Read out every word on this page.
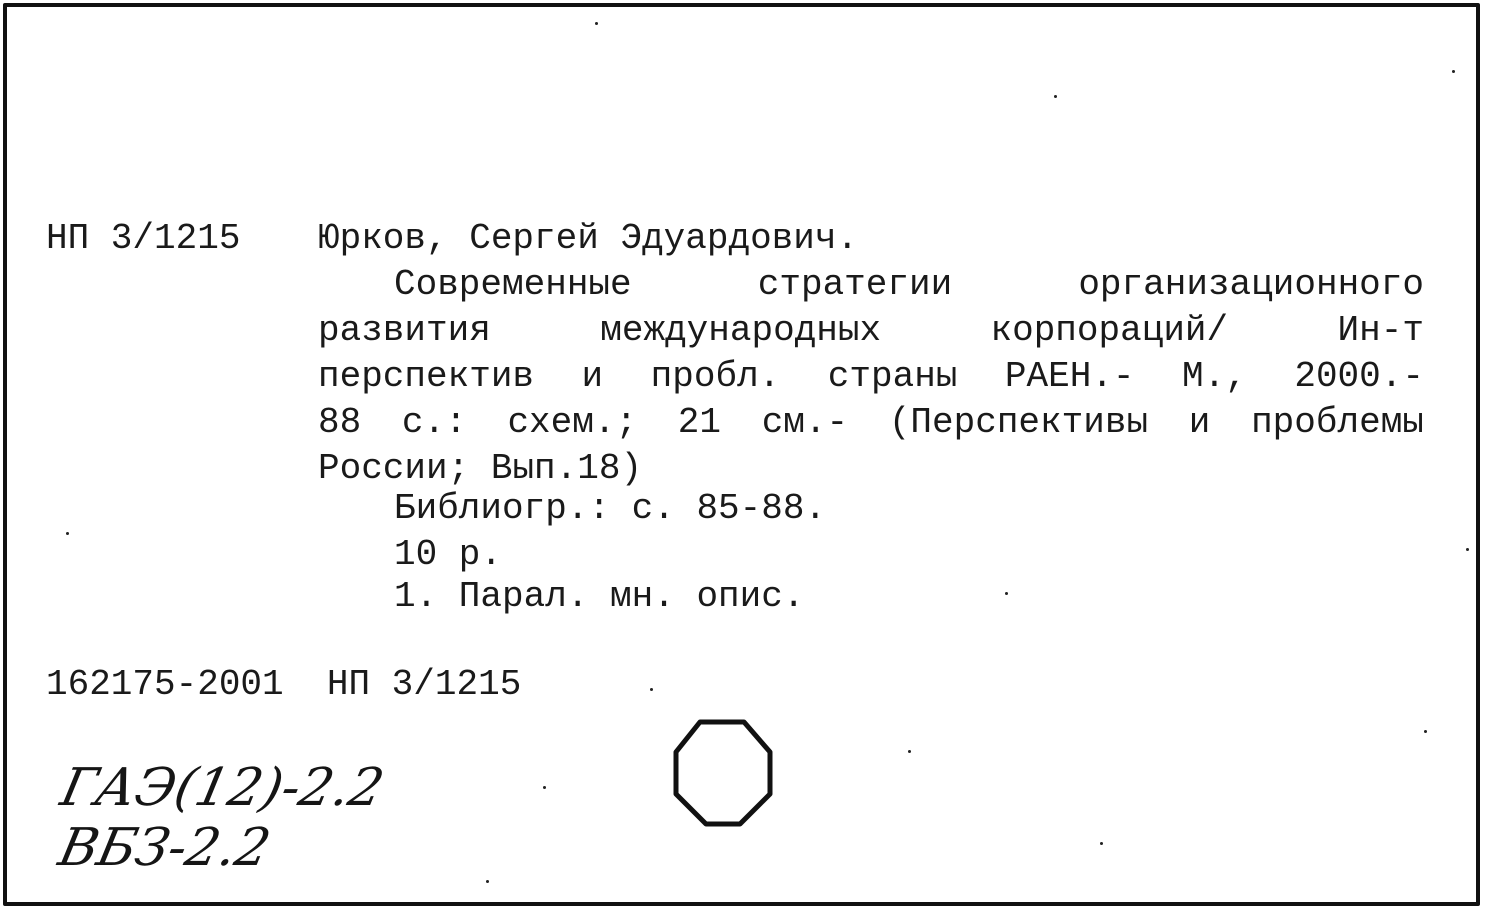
НП 3/1215 Юрков, Сергей Эдуардович.
Современные	стратегии	организационного
развития	международных	корпораций/	Ин-т
перспектив и пробл. страны РАЕН.- М., 2000.-
88 с.: схем.; 21 см.- (Перспективы и проблемы
России;
Вып.18)
Библиогр.: с. 85-88.
10 р.
1. Парал. мн. опис.
162175-2001 НП 3/1215
ГАЭ(12)-2.2
ВБЗ-2.2
